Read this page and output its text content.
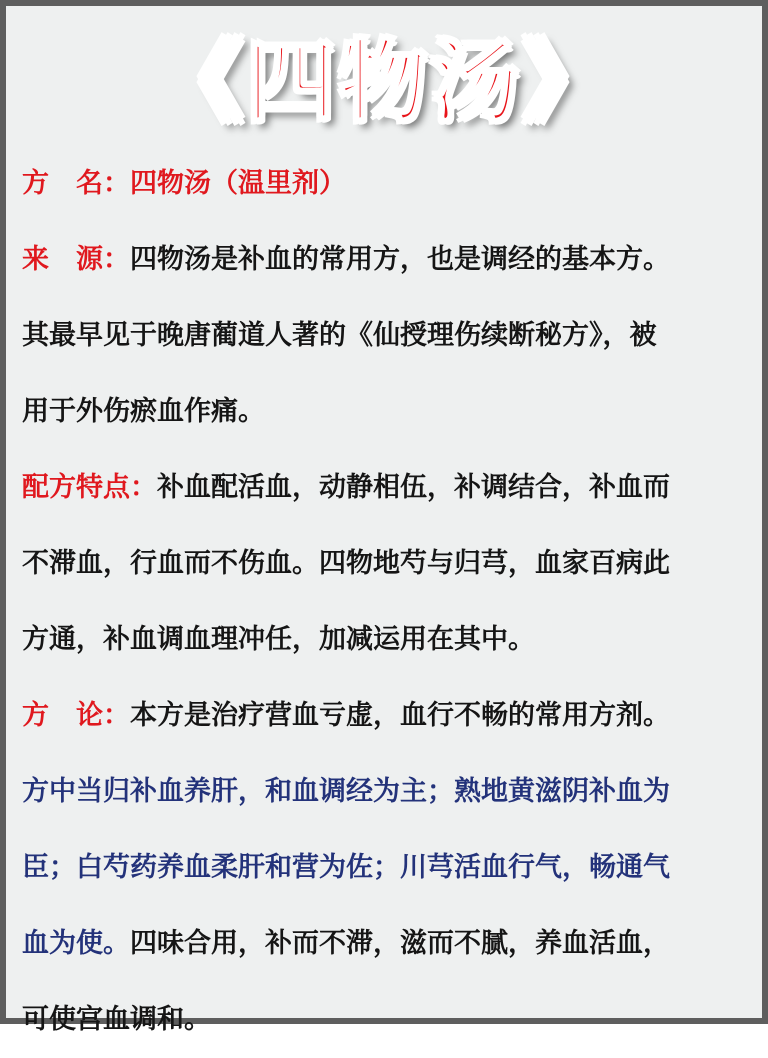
《四物汤》
方　名：四物汤（温里剂）
来　源：四物汤是补血的常用方，也是调经的基本方。
其最早见于晚唐蔺道人著的《仙授理伤续断秘方》，被
用于外伤瘀血作痛。
配方特点：补血配活血，动静相伍，补调结合，补血而
不滞血，行血而不伤血。四物地芍与归芎，血家百病此
方通，补血调血理冲任，加减运用在其中。
方　论：本方是治疗营血亏虚，血行不畅的常用方剂。
方中当归补血养肝，和血调经为主；熟地黄滋阴补血为
臣；白芍药养血柔肝和营为佐；川芎活血行气，畅通气
血为使。四味合用，补而不滞，滋而不腻，养血活血，
可使宫血调和。
